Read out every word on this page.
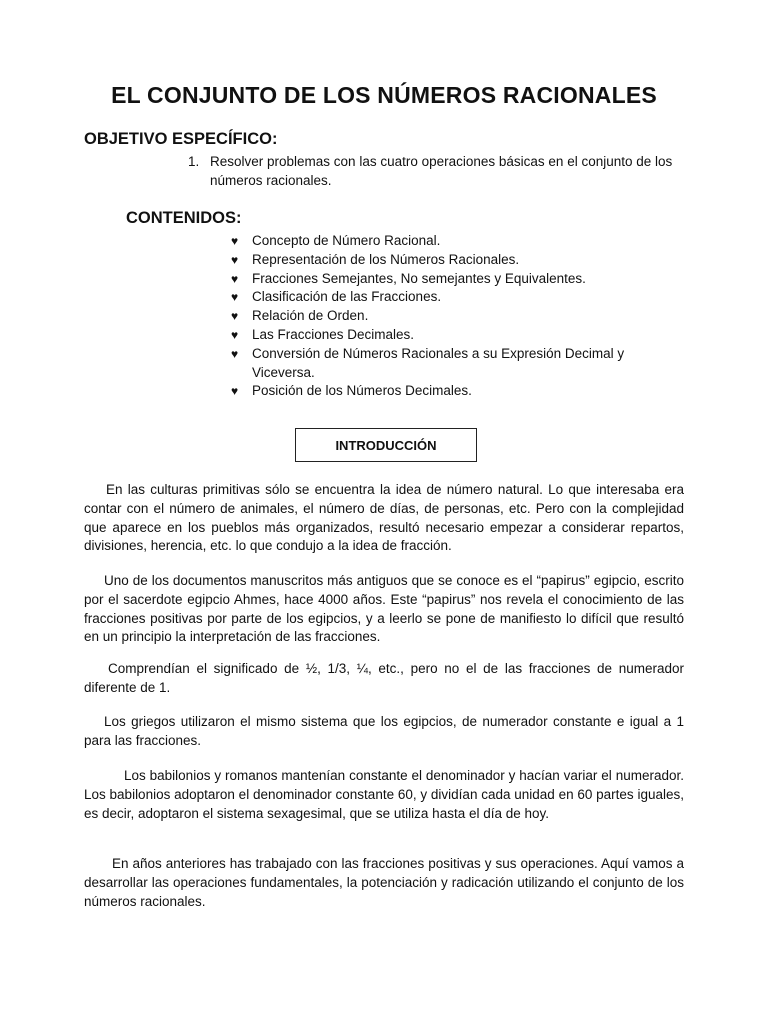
EL CONJUNTO DE LOS NÚMEROS RACIONALES
OBJETIVO ESPECÍFICO:
1. Resolver problemas con las cuatro operaciones básicas en el conjunto de los números racionales.
CONTENIDOS:
♥ Concepto de Número Racional.
♥ Representación de los Números Racionales.
♥ Fracciones Semejantes, No semejantes y Equivalentes.
♥ Clasificación de las Fracciones.
♥ Relación de Orden.
♥ Las Fracciones Decimales.
♥ Conversión de Números Racionales a su Expresión Decimal y Viceversa.
♥ Posición de los Números Decimales.
INTRODUCCIÓN

En las culturas primitivas sólo se encuentra la idea de número natural. Lo que interesaba era contar con el número de animales, el número de días, de personas, etc. Pero con la complejidad que aparece en los pueblos más organizados, resultó necesario empezar a considerar repartos, divisiones, herencia, etc. lo que condujo a la idea de fracción.

Uno de los documentos manuscritos más antiguos que se conoce es el “papirus” egipcio, escrito por el sacerdote egipcio Ahmes, hace 4000 años. Este “papirus” nos revela el conocimiento de las fracciones positivas por parte de los egipcios, y a leerlo se pone de manifiesto lo difícil que resultó en un principio la interpretación de las fracciones.

Comprendían el significado de ½, 1/3, ¼, etc., pero no el de las fracciones de numerador diferente de 1.

Los griegos utilizaron el mismo sistema que los egipcios, de numerador constante e igual a 1 para las fracciones.

Los babilonios y romanos mantenían constante el denominador y hacían variar el numerador. Los babilonios adoptaron el denominador constante 60, y dividían cada unidad en 60 partes iguales, es decir, adoptaron el sistema sexagesimal, que se utiliza hasta el día de hoy.

En años anteriores has trabajado con las fracciones positivas y sus operaciones. Aquí vamos a desarrollar las operaciones fundamentales, la potenciación y radicación utilizando el conjunto de los números racionales.
